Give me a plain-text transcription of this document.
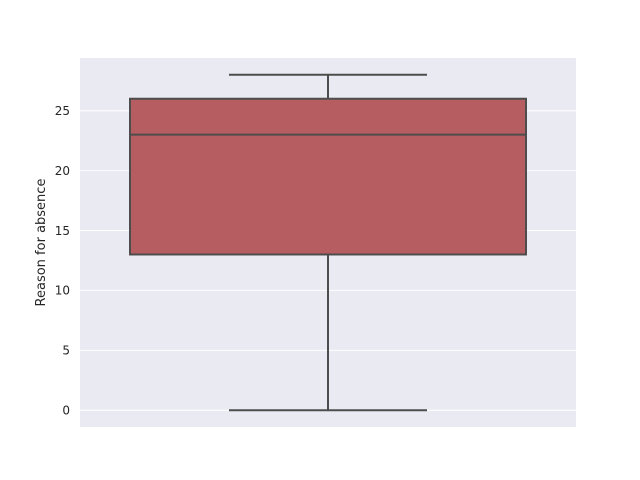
0
5
10
15
20
25
Reason for absence
